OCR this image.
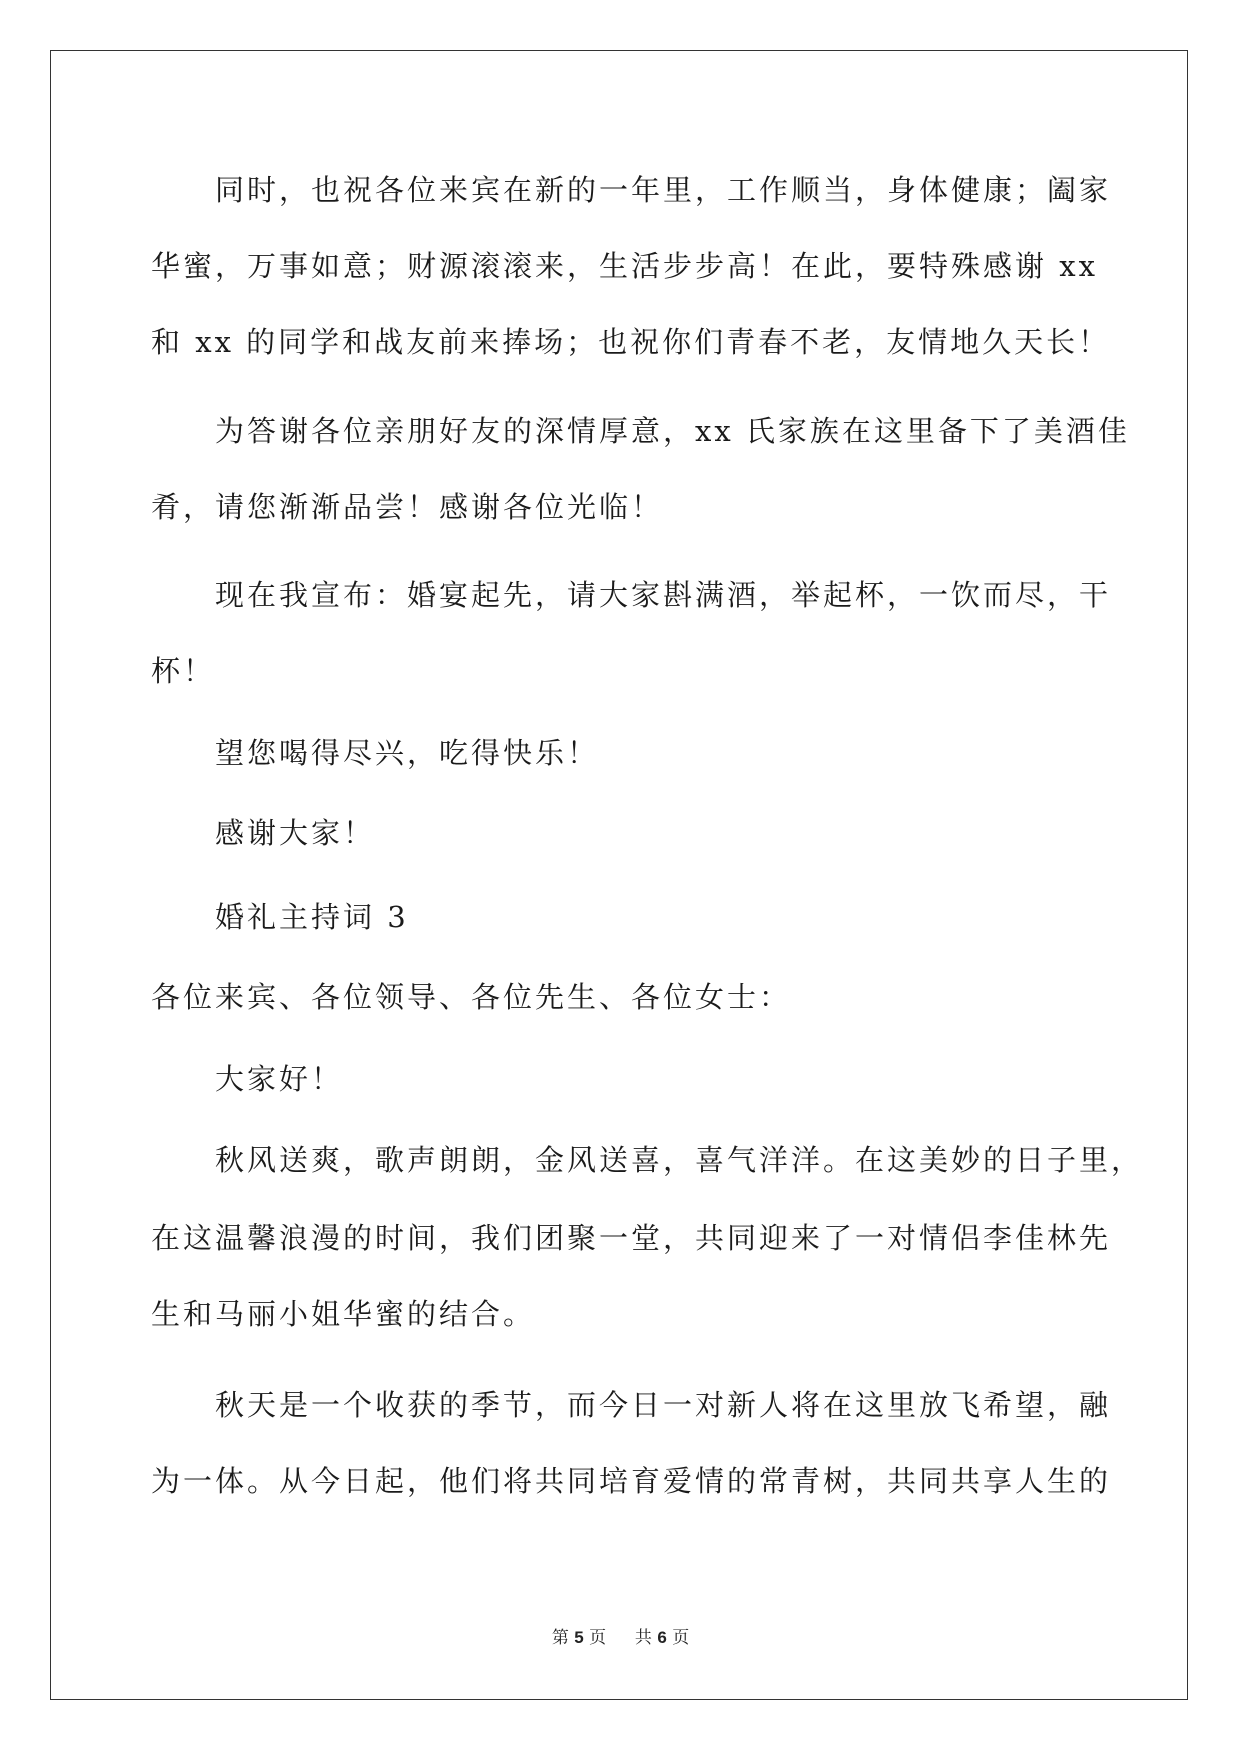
同时，也祝各位来宾在新的一年里，工作顺当，身体健康；阖家
华蜜，万事如意；财源滚滚来，生活步步高！在此，要特殊感谢 xx
和 xx 的同学和战友前来捧场；也祝你们青春不老，友情地久天长！
为答谢各位亲朋好友的深情厚意，xx 氏家族在这里备下了美酒佳
肴，请您渐渐品尝！感谢各位光临！
现在我宣布：婚宴起先，请大家斟满酒，举起杯，一饮而尽，干
杯！
望您喝得尽兴，吃得快乐！
感谢大家！
婚礼主持词 3
各位来宾、各位领导、各位先生、各位女士：
大家好！
秋风送爽，歌声朗朗，金风送喜，喜气洋洋。在这美妙的日子里，
在这温馨浪漫的时间，我们团聚一堂，共同迎来了一对情侣李佳林先
生和马丽小姐华蜜的结合。
秋天是一个收获的季节，而今日一对新人将在这里放飞希望，融
为一体。从今日起，他们将共同培育爱情的常青树，共同共享人生的
第 5 页 共 6 页
